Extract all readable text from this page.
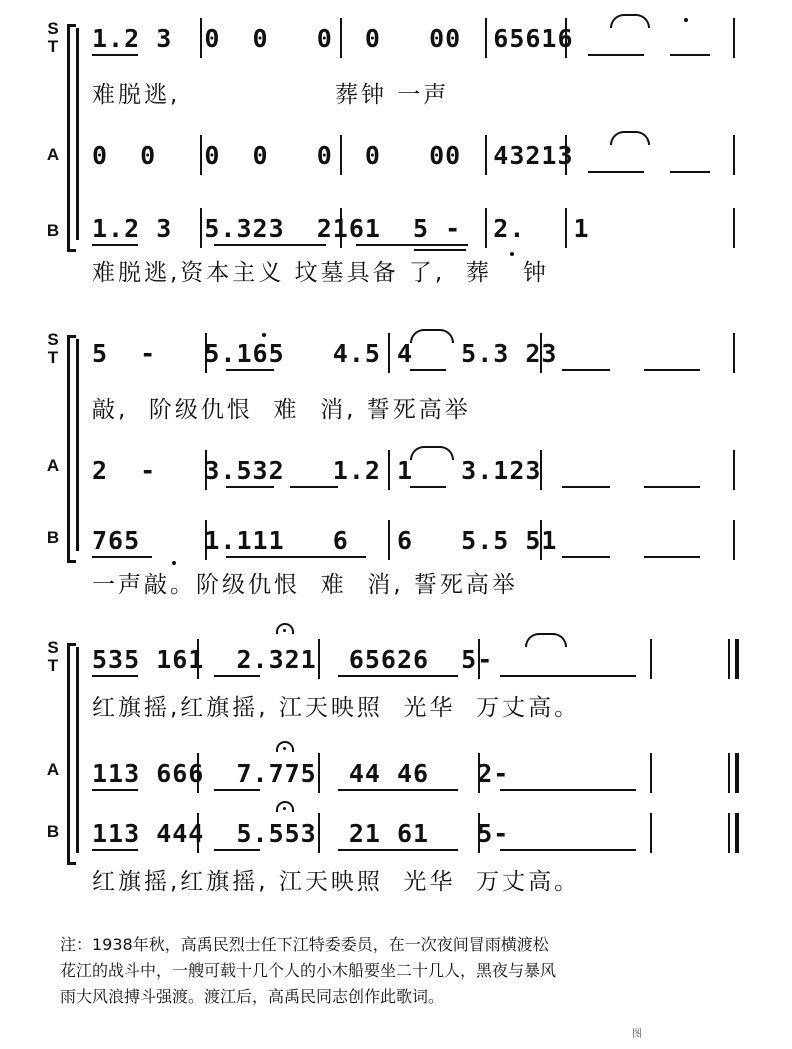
S
T
A
B
1.2 3  0  0   0  0   00  65616
难脱逃,               葬钟 一声
0  0   0  0   0  0   00  43213
1.2 3  5.323  2161  5 -  2.   1
难脱逃,资本主义 坟墓具备 了,  葬   钟
S
T
A
B
5  -   5.165   4.5 4   5.3 23
敲,  阶级仇恨  难  消, 誓死高举
2  -   3.532   1.2 1   3.123
765    1.111   6   6   5.5 51
一声敲。阶级仇恨  难  消, 誓死高举
S
T
A
B
535 161  2.321  65626  5-
红旗摇,红旗摇, 江天映照  光华  万丈高。
113 666  7.775  44 46   2-
113 444  5.553  21 61   5-
红旗摇,红旗摇, 江天映照  光华  万丈高。
注：1938年秋，高禹民烈士任下江特委委员，在一次夜间冒雨横渡松
花江的战斗中，一艘可载十几个人的小木船要坐二十几人，黑夜与暴风
雨大风浪搏斗强渡。渡江后，高禹民同志创作此歌词。
图
